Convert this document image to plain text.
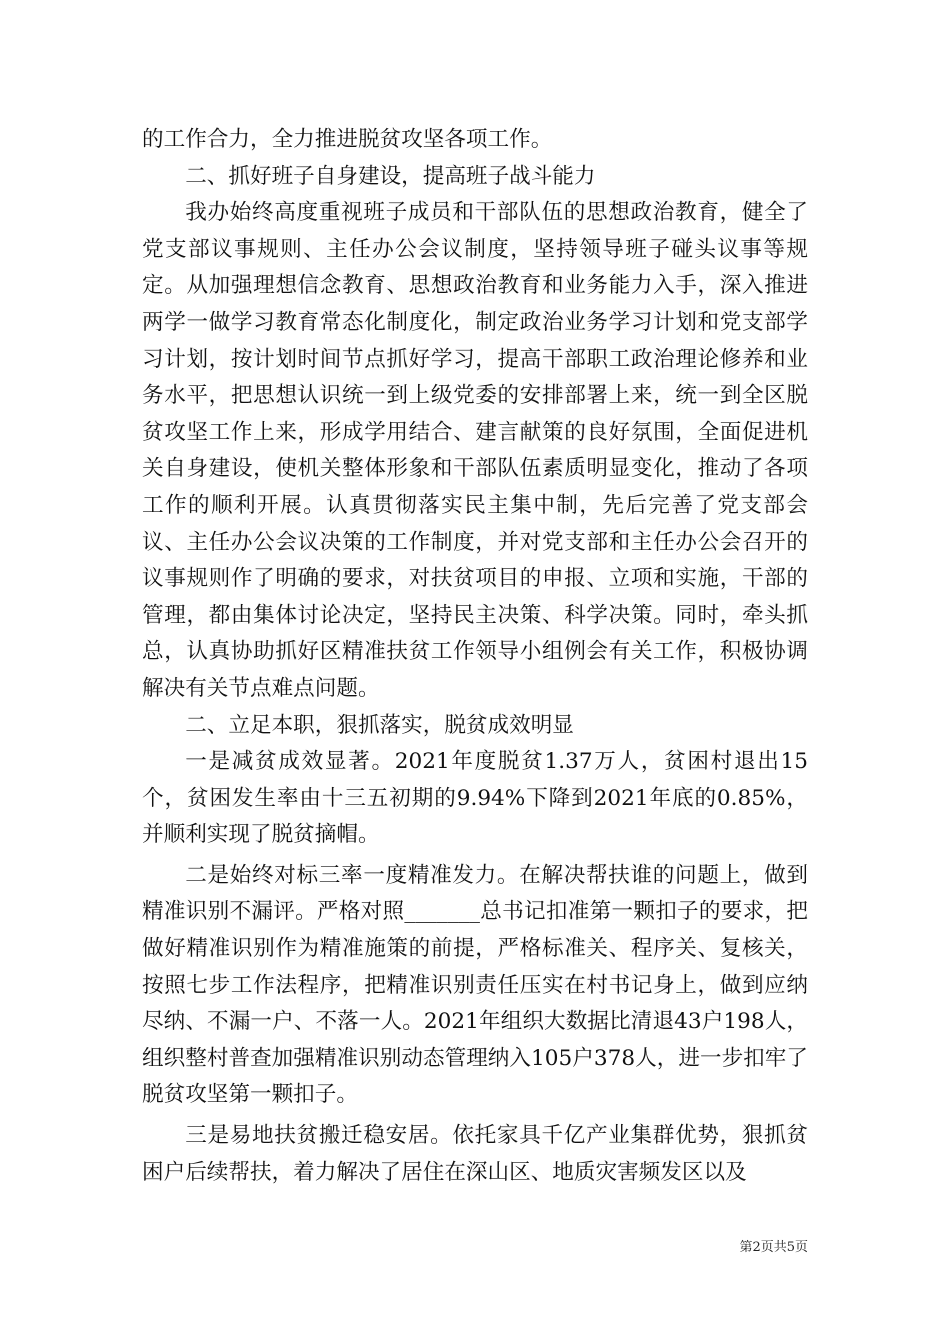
的工作合力，全力推进脱贫攻坚各项工作。

二、抓好班子自身建设，提高班子战斗能力

我办始终高度重视班子成员和干部队伍的思想政治教育，健全了党支部议事规则、主任办公会议制度，坚持领导班子碰头议事等规定。从加强理想信念教育、思想政治教育和业务能力入手，深入推进两学一做学习教育常态化制度化，制定政治业务学习计划和党支部学习计划，按计划时间节点抓好学习，提高干部职工政治理论修养和业务水平，把思想认识统一到上级党委的安排部署上来，统一到全区脱贫攻坚工作上来，形成学用结合、建言献策的良好氛围，全面促进机关自身建设，使机关整体形象和干部队伍素质明显变化，推动了各项工作的顺利开展。认真贯彻落实民主集中制，先后完善了党支部会议、主任办公会议决策的工作制度，并对党支部和主任办公会召开的议事规则作了明确的要求，对扶贫项目的申报、立项和实施，干部的管理，都由集体讨论决定，坚持民主决策、科学决策。同时，牵头抓总，认真协助抓好区精准扶贫工作领导小组例会有关工作，积极协调解决有关节点难点问题。

二、立足本职，狠抓落实，脱贫成效明显

一是减贫成效显著。2021年度脱贫1.37万人，贫困村退出15个，贫困发生率由十三五初期的9.94%下降到2021年底的0.85%，并顺利实现了脱贫摘帽。

二是始终对标三率一度精准发力。在解决帮扶谁的问题上，做到精准识别不漏评。严格对照_______总书记扣准第一颗扣子的要求，把做好精准识别作为精准施策的前提，严格标准关、程序关、复核关，按照七步工作法程序，把精准识别责任压实在村书记身上，做到应纳尽纳、不漏一户、不落一人。2021年组织大数据比清退43户198人，组织整村普查加强精准识别动态管理纳入105户378人，进一步扣牢了脱贫攻坚第一颗扣子。

三是易地扶贫搬迁稳安居。依托家具千亿产业集群优势，狠抓贫困户后续帮扶，着力解决了居住在深山区、地质灾害频发区以及

第2页共5页
